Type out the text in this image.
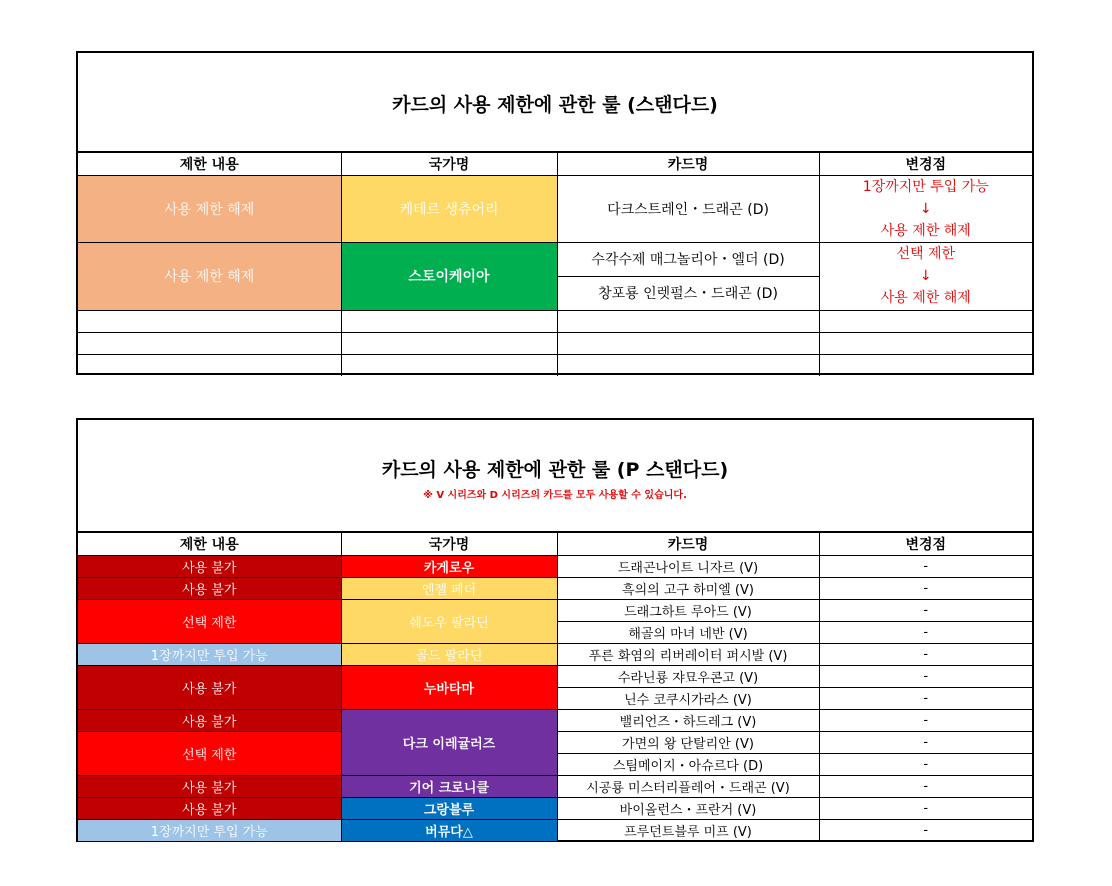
카드의 사용 제한에 관한 룰 (스탠다드)
제한 내용	국가명	카드명	변경점
사용 제한 해제	케테르 생츄어리	다크스트레인・드래곤 (D)	1장까지만 투입 가능
↓
사용 제한 해제

사용 제한 해제	스토이케이아	수각수제 매그놀리아・엘더 (D)	선택 제한
↓
사용 제한 해제

		창포룡 인렛펄스・드래곤 (D)	

카드의 사용 제한에 관한 룰 (P 스탠다드)
※ V 시리즈와 D 시리즈의 카드를 모두 사용할 수 있습니다.
제한 내용	국가명	카드명	변경점
사용 불가	카게로우	드래곤나이트 니자르 (V)	-
사용 불가	엔젤 페더	흑의의 고구 하미엘 (V)	-
선택 제한	쉐도우 팔라딘	드래그하트 루아드 (V)	-
		해골의 마녀 네반 (V)	-
1장까지만 투입 가능	골드 팔라딘	푸른 화염의 리버레이터 퍼시발 (V)	-
사용 불가	누바타마	수라닌룡 쟈묘우콘고 (V)	-
		닌수 코쿠시가라스 (V)	-
사용 불가	다크 이레귤러즈	밸리언즈・하드레그 (V)	-
선택 제한		가면의 왕 단탈리안 (V)	-
		스팀메이지・아슈르다 (D)	-
사용 불가	기어 크로니클	시공룡 미스터리플레어・드래곤 (V)	-
사용 불가	그랑블루	바이올런스・프란거 (V)	-
1장까지만 투입 가능	버뮤다△	프루던트블루 미프 (V)	-
